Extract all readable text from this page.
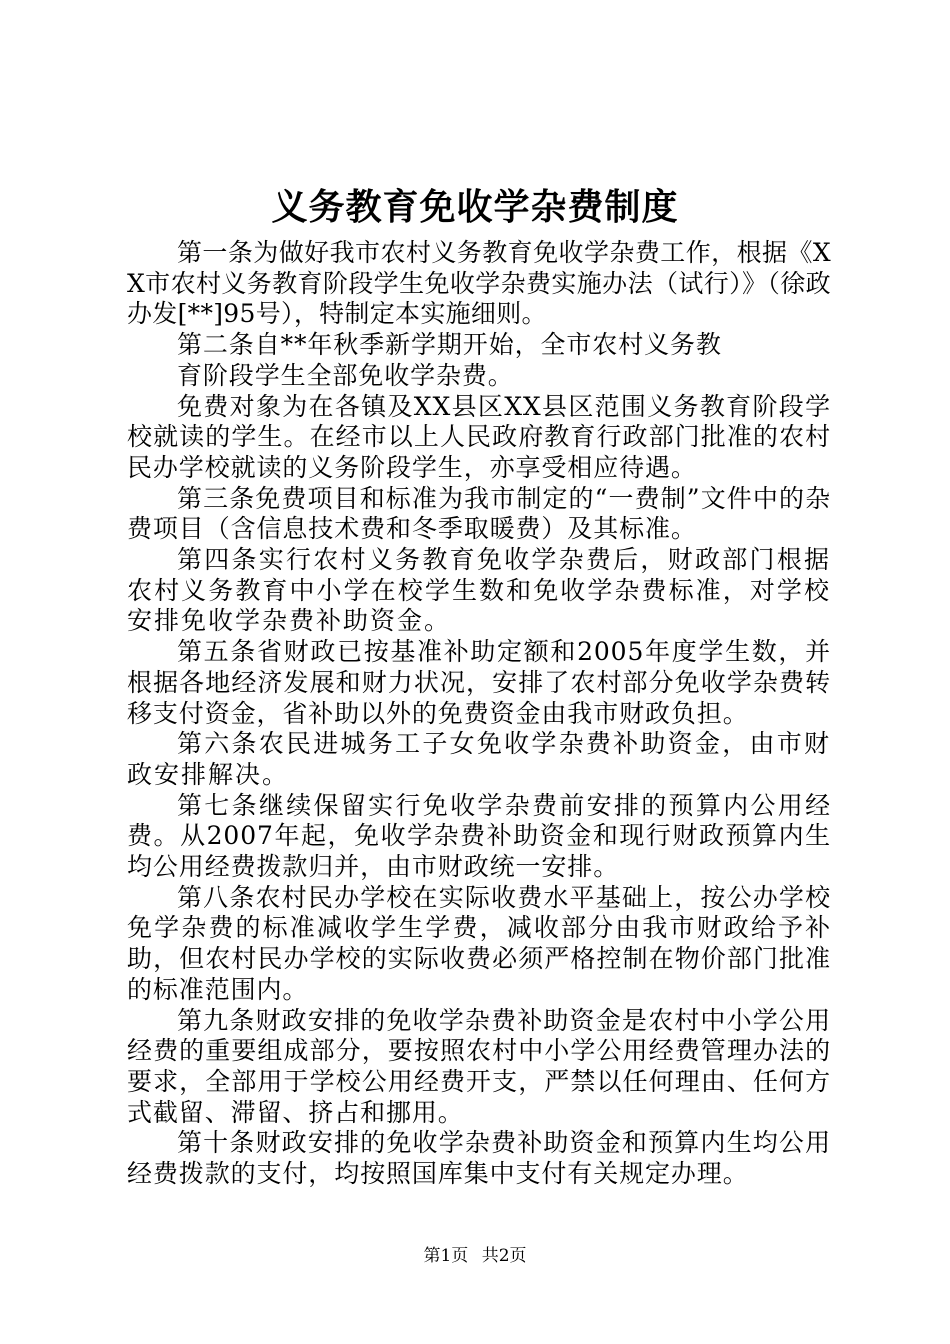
义务教育免收学杂费制度

第一条为做好我市农村义务教育免收学杂费工作，根据《XX市农村义务教育阶段学生免收学杂费实施办法（试行）》（徐政办发[**]95号），特制定本实施细则。

第二条自**年秋季新学期开始，全市农村义务教

育阶段学生全部免收学杂费。

免费对象为在各镇及XX县区XX县区范围义务教育阶段学校就读的学生。在经市以上人民政府教育行政部门批准的农村民办学校就读的义务阶段学生，亦享受相应待遇。

第三条免费项目和标准为我市制定的“一费制”文件中的杂费项目（含信息技术费和冬季取暖费）及其标准。

第四条实行农村义务教育免收学杂费后，财政部门根据农村义务教育中小学在校学生数和免收学杂费标准，对学校安排免收学杂费补助资金。

第五条省财政已按基准补助定额和2005年度学生数，并根据各地经济发展和财力状况，安排了农村部分免收学杂费转移支付资金，省补助以外的免费资金由我市财政负担。

第六条农民进城务工子女免收学杂费补助资金，由市财政安排解决。

第七条继续保留实行免收学杂费前安排的预算内公用经费。从2007年起，免收学杂费补助资金和现行财政预算内生均公用经费拨款归并，由市财政统一安排。

第八条农村民办学校在实际收费水平基础上，按公办学校免学杂费的标准减收学生学费，减收部分由我市财政给予补助，但农村民办学校的实际收费必须严格控制在物价部门批准的标准范围内。

第九条财政安排的免收学杂费补助资金是农村中小学公用经费的重要组成部分，要按照农村中小学公用经费管理办法的要求，全部用于学校公用经费开支，严禁以任何理由、任何方式截留、滞留、挤占和挪用。

第十条财政安排的免收学杂费补助资金和预算内生均公用经费拨款的支付，均按照国库集中支付有关规定办理。

第1页 共2页
